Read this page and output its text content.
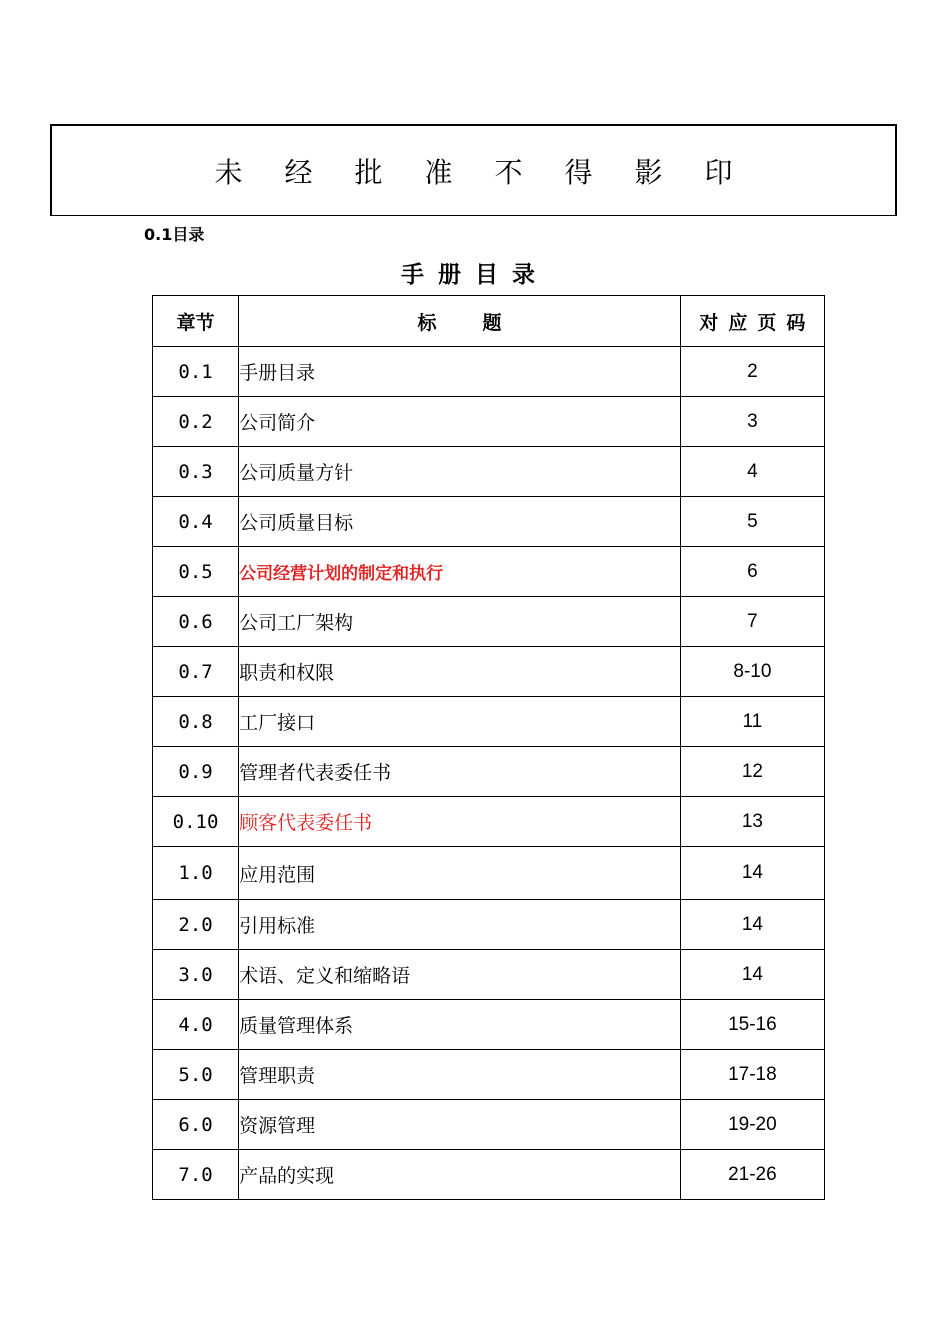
未经批准不得影印
0.1目录
手册目录
章节	标题	对应页码
0.1	手册目录	2
0.2	公司简介	3
0.3	公司质量方针	4
0.4	公司质量目标	5
0.5	公司经营计划的制定和执行	6
0.6	公司工厂架构	7
0.7	职责和权限	8-10
0.8	工厂接口	11
0.9	管理者代表委任书	12
0.10	顾客代表委任书	13
1.0	应用范围	14
2.0	引用标准	14
3.0	术语、定义和缩略语	14
4.0	质量管理体系	15-16
5.0	管理职责	17-18
6.0	资源管理	19-20
7.0	产品的实现	21-26
